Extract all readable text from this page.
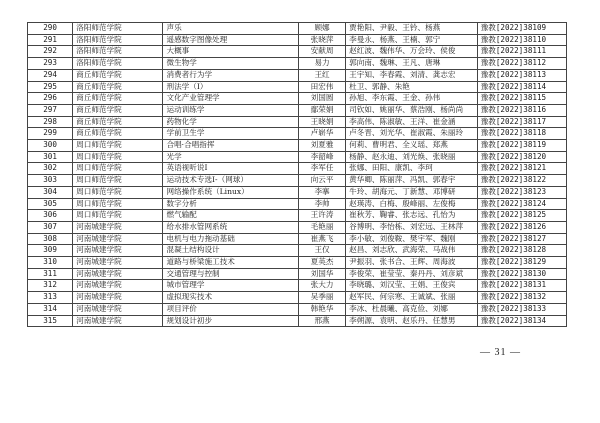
290	洛阳师范学院	声乐	顾娜	贾艳阳、尹毅、王钤、杨燕	豫教[2022]38109
291	洛阳师范学院	遥感数字图像处理	张晓萍	李曼永、杨燕、王楠、郭宁	豫教[2022]38110
292	洛阳师范学院	大概事	安献周	赵红波、魏伟华、万会玲、侯俊	豫教[2022]38111
293	洛阳师范学院	微生物学	易力	郭向南、魏琳、王凡、唐琳	豫教[2022]38112
294	商丘师范学院	消费者行为学	王红	王宇知、李春霞、刘清、龚志宏	豫教[2022]38113
295	商丘师范学院	刑法学（I）	田宏伟	杜卫、郭静、朱艳	豫教[2022]38114
296	商丘师范学院	文化产业管理学	刘国圆	孙旭、李东霞、王金、孙伟	豫教[2022]38115
297	商丘师范学院	运动训练学	鄢荣娟	司钦如、姚丽华、蔡浩刚、杨尚尚	豫教[2022]38116
298	商丘师范学院	药物化学	王晓娟	李高伟、陈淑敏、王洋、崔金涵	豫教[2022]38117
299	商丘师范学院	学前卫生学	卢崭华	卢冬晋、刘光华、崔淑霞、朱丽玲	豫教[2022]38118
300	周口师范学院	合唱·合唱指挥	刘夏雅	何莉、曹明君、全义瑶、郑燕	豫教[2022]38119
301	周口师范学院	光学	李韶峰	杨静、赵永迪、刘光焕、张晓丽	豫教[2022]38120
302	周口师范学院	英语视听说Ⅰ	李军任	张娜、田阳、康凯、李珂	豫教[2022]38121
303	周口师范学院	运动技术专选Ⅰ-（网球）	向云平	黄华卿、陈丽萍、冯凯、郭春宇	豫教[2022]38122
304	周口师范学院	网络操作系统（Linux）	李搴	牛玲、胡海元、丁新慧、邓博研	豫教[2022]38123
305	周口师范学院	数字分析	李帅	赵瑛涛、白梅、殷峰丽、左俊梅	豫教[2022]38124
306	周口师范学院	燃气输配	王许涛	崔秋芳、鞠睿、张志远、孔怡为	豫教[2022]38125
307	河南城建学院	给水排水管网系统	毛艳丽	谷博明、李怡栋、刘宏远、王林萍	豫教[2022]38126
308	河南城建学院	电机与电力拖动基础	崔燕飞	李小敏、刘俊鞍、樊宇军、魏刚	豫教[2022]38127
309	河南城建学院	混凝土结构设计	王仅	赵昌、刘志欣、武海荣、马战伟	豫教[2022]38128
310	河南城建学院	道路与桥梁施工技术	夏英杰	尹振羽、张书合、王辉、周海波	豫教[2022]38129
311	河南城建学院	交通管理与控制	刘国华	李俊荣、崔莹莹、秦丹丹、刘彦斌	豫教[2022]38130
312	河南城建学院	城市管理学	张大力	李晓璐、刘汉莹、王娟、王俊宾	豫教[2022]38131
313	河南城建学院	虚拟现实技术	吴季丽	赵军民、何宗寒、王诚斌、张丽	豫教[2022]38132
314	河南城建学院	项目评价	韩艳华	李冰、杜晨曦、高克俭、刘娜	豫教[2022]38133
315	河南城建学院	规划设计初步	邢燕	李朔源、袁明、赵乐丹、任慧男	豫教[2022]38134
— 31 —
